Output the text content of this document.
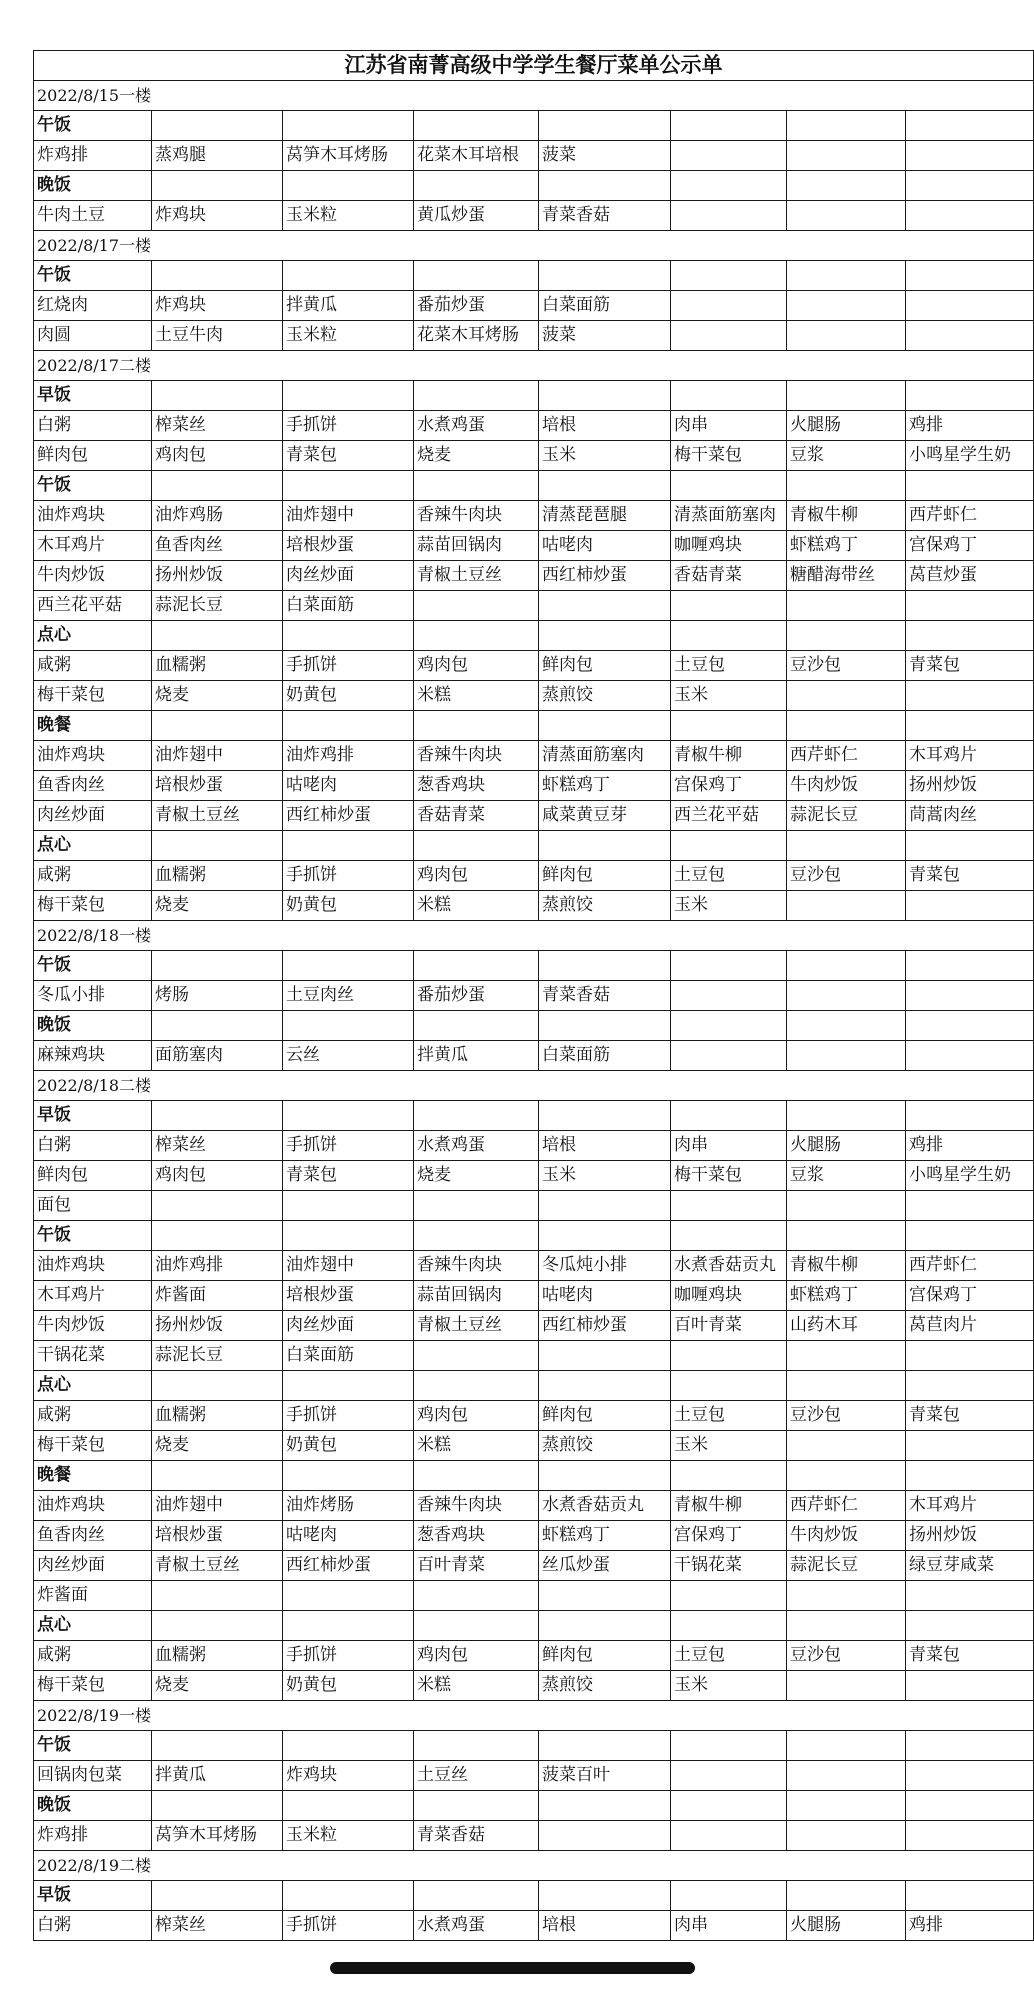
江苏省南菁高级中学学生餐厅菜单公示单							
2022/8/15一楼							
午饭							
炸鸡排	蒸鸡腿	莴笋木耳烤肠	花菜木耳培根	菠菜			
晚饭							
牛肉土豆	炸鸡块	玉米粒	黄瓜炒蛋	青菜香菇			
2022/8/17一楼							
午饭							
红烧肉	炸鸡块	拌黄瓜	番茄炒蛋	白菜面筋			
肉圆	土豆牛肉	玉米粒	花菜木耳烤肠	菠菜			
2022/8/17二楼							
早饭							
白粥	榨菜丝	手抓饼	水煮鸡蛋	培根	肉串	火腿肠	鸡排
鲜肉包	鸡肉包	青菜包	烧麦	玉米	梅干菜包	豆浆	小鸣星学生奶
午饭							
油炸鸡块	油炸鸡肠	油炸翅中	香辣牛肉块	清蒸琵琶腿	清蒸面筋塞肉	青椒牛柳	西芹虾仁
木耳鸡片	鱼香肉丝	培根炒蛋	蒜苗回锅肉	咕咾肉	咖喱鸡块	虾糕鸡丁	宫保鸡丁
牛肉炒饭	扬州炒饭	肉丝炒面	青椒土豆丝	西红柿炒蛋	香菇青菜	糖醋海带丝	莴苣炒蛋
西兰花平菇	蒜泥长豆	白菜面筋					
点心							
咸粥	血糯粥	手抓饼	鸡肉包	鲜肉包	土豆包	豆沙包	青菜包
梅干菜包	烧麦	奶黄包	米糕	蒸煎饺	玉米		
晚餐							
油炸鸡块	油炸翅中	油炸鸡排	香辣牛肉块	清蒸面筋塞肉	青椒牛柳	西芹虾仁	木耳鸡片
鱼香肉丝	培根炒蛋	咕咾肉	葱香鸡块	虾糕鸡丁	宫保鸡丁	牛肉炒饭	扬州炒饭
肉丝炒面	青椒土豆丝	西红柿炒蛋	香菇青菜	咸菜黄豆芽	西兰花平菇	蒜泥长豆	茼蒿肉丝
点心							
咸粥	血糯粥	手抓饼	鸡肉包	鲜肉包	土豆包	豆沙包	青菜包
梅干菜包	烧麦	奶黄包	米糕	蒸煎饺	玉米		
2022/8/18一楼							
午饭							
冬瓜小排	烤肠	土豆肉丝	番茄炒蛋	青菜香菇			
晚饭							
麻辣鸡块	面筋塞肉	云丝	拌黄瓜	白菜面筋			
2022/8/18二楼							
早饭							
白粥	榨菜丝	手抓饼	水煮鸡蛋	培根	肉串	火腿肠	鸡排
鲜肉包	鸡肉包	青菜包	烧麦	玉米	梅干菜包	豆浆	小鸣星学生奶
面包							
午饭							
油炸鸡块	油炸鸡排	油炸翅中	香辣牛肉块	冬瓜炖小排	水煮香菇贡丸	青椒牛柳	西芹虾仁
木耳鸡片	炸酱面	培根炒蛋	蒜苗回锅肉	咕咾肉	咖喱鸡块	虾糕鸡丁	宫保鸡丁
牛肉炒饭	扬州炒饭	肉丝炒面	青椒土豆丝	西红柿炒蛋	百叶青菜	山药木耳	莴苣肉片
干锅花菜	蒜泥长豆	白菜面筋					
点心							
咸粥	血糯粥	手抓饼	鸡肉包	鲜肉包	土豆包	豆沙包	青菜包
梅干菜包	烧麦	奶黄包	米糕	蒸煎饺	玉米		
晚餐							
油炸鸡块	油炸翅中	油炸烤肠	香辣牛肉块	水煮香菇贡丸	青椒牛柳	西芹虾仁	木耳鸡片
鱼香肉丝	培根炒蛋	咕咾肉	葱香鸡块	虾糕鸡丁	宫保鸡丁	牛肉炒饭	扬州炒饭
肉丝炒面	青椒土豆丝	西红柿炒蛋	百叶青菜	丝瓜炒蛋	干锅花菜	蒜泥长豆	绿豆芽咸菜
炸酱面							
点心							
咸粥	血糯粥	手抓饼	鸡肉包	鲜肉包	土豆包	豆沙包	青菜包
梅干菜包	烧麦	奶黄包	米糕	蒸煎饺	玉米		
2022/8/19一楼							
午饭							
回锅肉包菜	拌黄瓜	炸鸡块	土豆丝	菠菜百叶			
晚饭							
炸鸡排	莴笋木耳烤肠	玉米粒	青菜香菇				
2022/8/19二楼							
早饭							
白粥	榨菜丝	手抓饼	水煮鸡蛋	培根	肉串	火腿肠	鸡排
